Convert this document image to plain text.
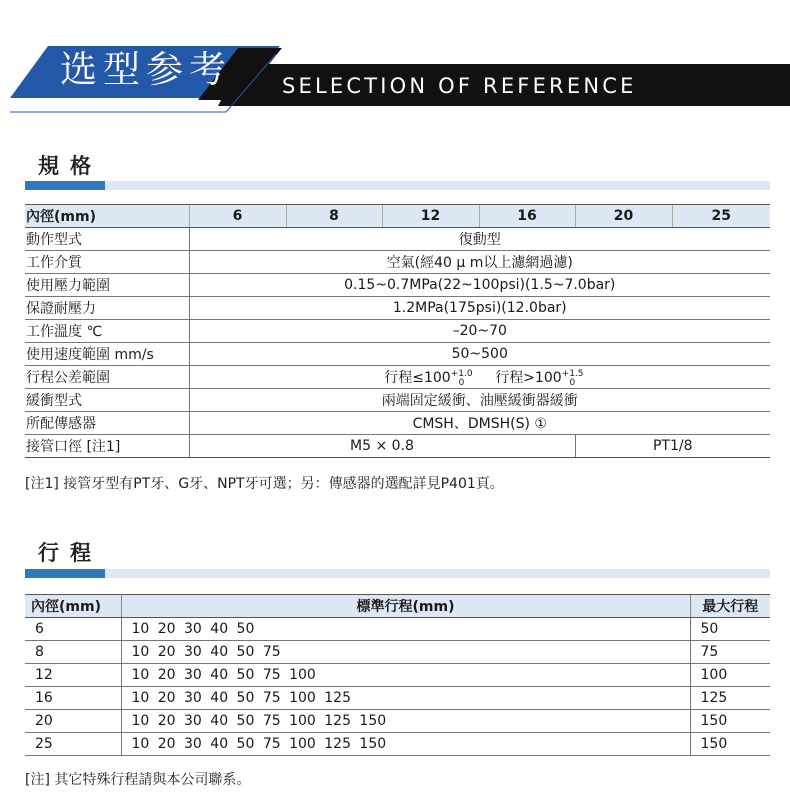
选型参考 SELECTION OF REFERENCE
規格
內徑(mm)	6	8	12	16	20	25
動作型式	復動型					
工作介質	空氣(經40 μ m以上濾網過濾)					
使用壓力範圍	0.15~0.7MPa(22~100psi)(1.5~7.0bar)					
保證耐壓力	1.2MPa(175psi)(12.0bar)					
工作溫度 ℃	–20~70					
使用速度範圍 mm/s	50~500					
行程公差範圍	行程$\le 100^{+1.0}_0$ 行程$>100^{+1.5}_0$
緩衝型式	兩端固定緩衝、油壓緩衝器緩衝					
所配傳感器	CMSH、DMSH(S) ①					
接管口徑 [注1]	M5 × 0.8				PT1/8	
[注1] 接管牙型有PT牙、G牙、NPT牙可選；另：傳感器的選配詳見P401頁。
行程
內徑(mm)	標準行程(mm)	最大行程
6	10 20 30 40 50	50
8	10 20 30 40 50 75	75
12	10 20 30 40 50 75 100	100
16	10 20 30 40 50 75 100 125	125
20	10 20 30 40 50 75 100 125 150	150
25	10 20 30 40 50 75 100 125 150	150
[注] 其它特殊行程請與本公司聯系。
